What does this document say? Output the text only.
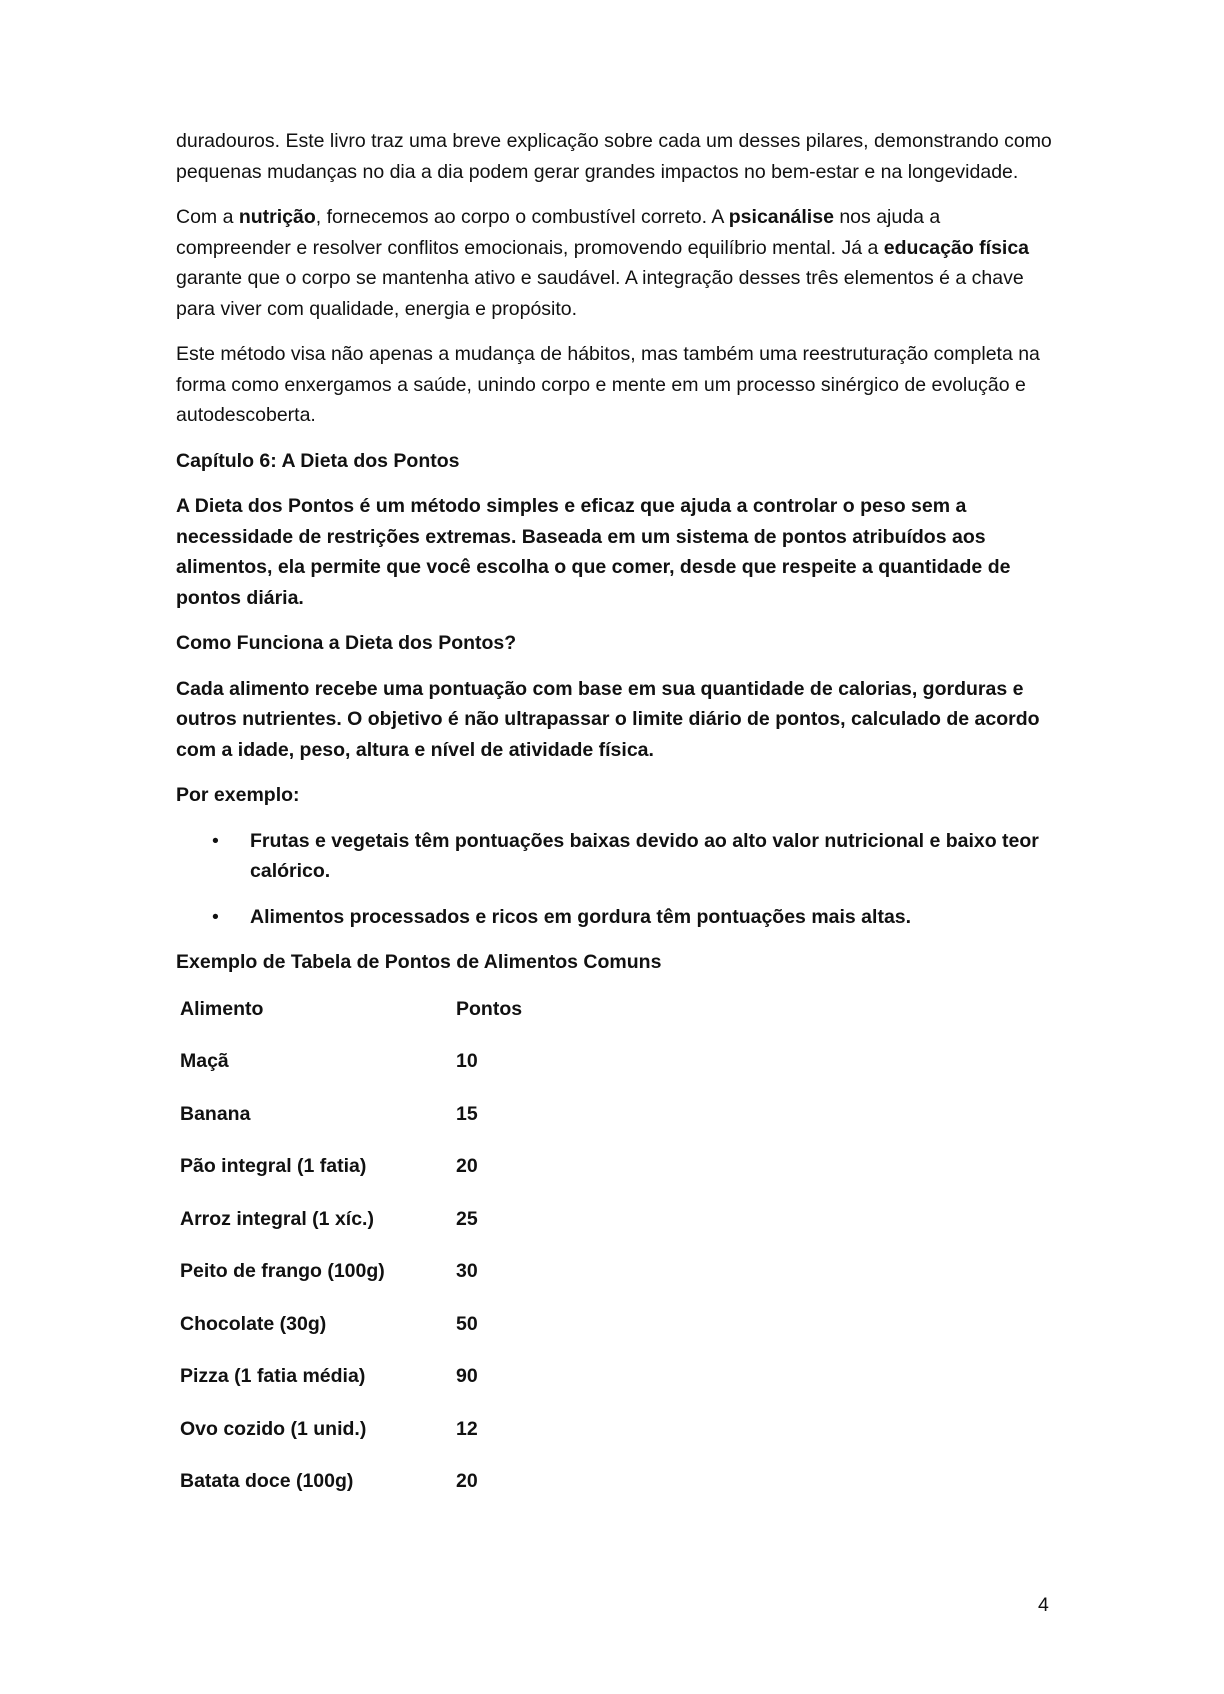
duradouros. Este livro traz uma breve explicação sobre cada um desses pilares, demonstrando como pequenas mudanças no dia a dia podem gerar grandes impactos no bem-estar e na longevidade.

Com a nutrição, fornecemos ao corpo o combustível correto. A psicanálise nos ajuda a compreender e resolver conflitos emocionais, promovendo equilíbrio mental. Já a educação física garante que o corpo se mantenha ativo e saudável. A integração desses três elementos é a chave para viver com qualidade, energia e propósito.

Este método visa não apenas a mudança de hábitos, mas também uma reestruturação completa na forma como enxergamos a saúde, unindo corpo e mente em um processo sinérgico de evolução e autodescoberta.

Capítulo 6: A Dieta dos Pontos

A Dieta dos Pontos é um método simples e eficaz que ajuda a controlar o peso sem a necessidade de restrições extremas. Baseada em um sistema de pontos atribuídos aos alimentos, ela permite que você escolha o que comer, desde que respeite a quantidade de pontos diária.

Como Funciona a Dieta dos Pontos?

Cada alimento recebe uma pontuação com base em sua quantidade de calorias, gorduras e outros nutrientes. O objetivo é não ultrapassar o limite diário de pontos, calculado de acordo com a idade, peso, altura e nível de atividade física.

Por exemplo:

• Frutas e vegetais têm pontuações baixas devido ao alto valor nutricional e baixo teor calórico.
• Alimentos processados e ricos em gordura têm pontuações mais altas.

Exemplo de Tabela de Pontos de Alimentos Comuns

Alimento	Pontos
Maçã	10
Banana	15
Pão integral (1 fatia)	20
Arroz integral (1 xíc.)	25
Peito de frango (100g)	30
Chocolate (30g)	50
Pizza (1 fatia média)	90
Ovo cozido (1 unid.)	12
Batata doce (100g)	20
4
